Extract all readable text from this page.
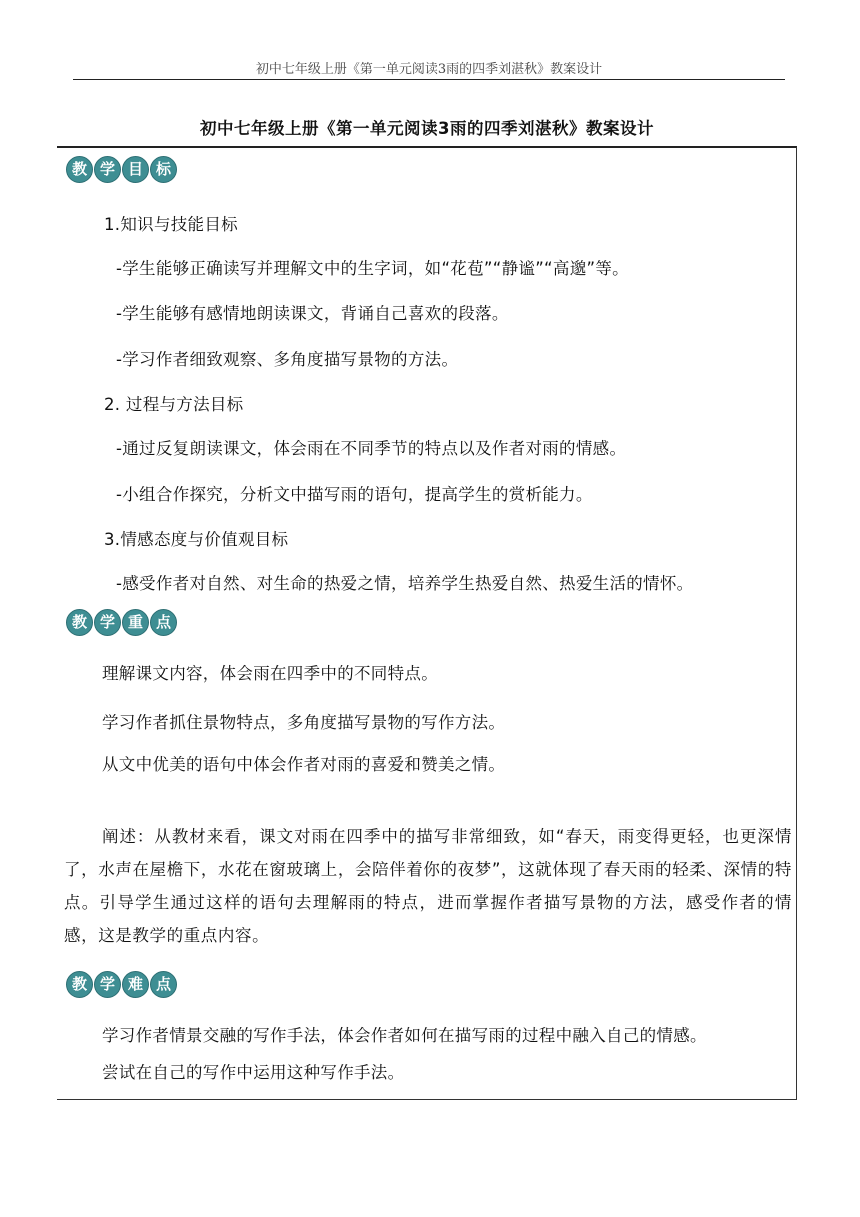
初中七年级上册《第一单元阅读3雨的四季刘湛秋》教案设计
初中七年级上册《第一单元阅读3雨的四季刘湛秋》教案设计
教 学 目 标
1.知识与技能目标
-学生能够正确读写并理解文中的生字词，如“花苞”“静谧”“高邈”等。
-学生能够有感情地朗读课文，背诵自己喜欢的段落。
-学习作者细致观察、多角度描写景物的方法。
2. 过程与方法目标
-通过反复朗读课文，体会雨在不同季节的特点以及作者对雨的情感。
-小组合作探究，分析文中描写雨的语句，提高学生的赏析能力。
3.情感态度与价值观目标
-感受作者对自然、对生命的热爱之情，培养学生热爱自然、热爱生活的情怀。
教 学 重 点
理解课文内容，体会雨在四季中的不同特点。
学习作者抓住景物特点，多角度描写景物的写作方法。
从文中优美的语句中体会作者对雨的喜爱和赞美之情。
阐述：从教材来看，课文对雨在四季中的描写非常细致，如“春天，雨变得更轻，也更深情了，水声在屋檐下，水花在窗玻璃上，会陪伴着你的夜梦”，这就体现了春天雨的轻柔、深情的特点。引导学生通过这样的语句去理解雨的特点，进而掌握作者描写景物的方法，感受作者的情感，这是教学的重点内容。
教 学 难 点
学习作者情景交融的写作手法，体会作者如何在描写雨的过程中融入自己的情感。
尝试在自己的写作中运用这种写作手法。
